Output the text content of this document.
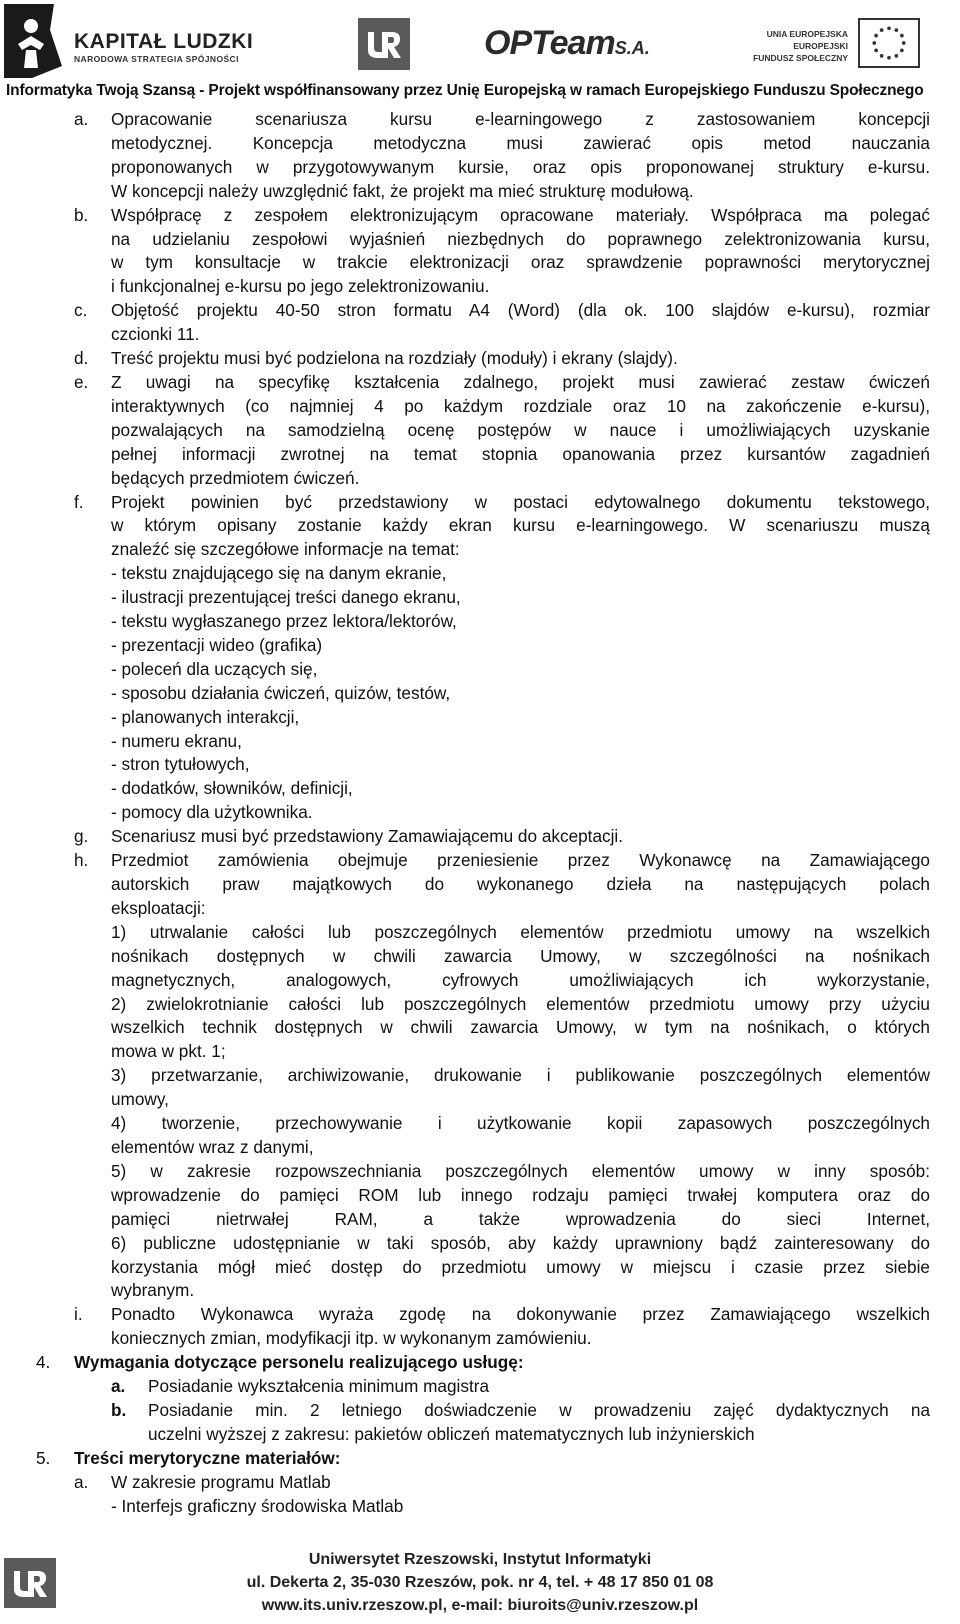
KAPITAŁ LUDZKI
NARODOWA STRATEGIA SPÓJNOŚCI	OPTeamS.A.
UNIA EUROPEJSKA
EUROPEJSKI
FUNDUSZ SPOŁECZNY
Informatyka Twoją Szansą - Projekt współfinansowany przez Unię Europejską w ramach Europejskiego Funduszu Społecznego
a. Opracowanie scenariusza kursu e-learningowego z zastosowaniem koncepcji
metodycznej. Koncepcja metodyczna musi zawierać opis metod nauczania
proponowanych w przygotowywanym kursie, oraz opis proponowanej struktury e-kursu.
W koncepcji należy uwzględnić fakt, że projekt ma mieć strukturę modułową.
b. Współpracę z zespołem elektronizującym opracowane materiały. Współpraca ma polegać
na udzielaniu zespołowi wyjaśnień niezbędnych do poprawnego zelektronizowania kursu,
w tym konsultacje w trakcie elektronizacji oraz sprawdzenie poprawności merytorycznej
i funkcjonalnej e-kursu po jego zelektronizowaniu.
c. Objętość projektu 40-50 stron formatu A4 (Word) (dla ok. 100 slajdów e-kursu), rozmiar
czcionki 11.
d. Treść projektu musi być podzielona na rozdziały (moduły) i ekrany (slajdy).
e. Z uwagi na specyfikę kształcenia zdalnego, projekt musi zawierać zestaw ćwiczeń
interaktywnych (co najmniej 4 po każdym rozdziale oraz 10 na zakończenie e-kursu),
pozwalających na samodzielną ocenę postępów w nauce i umożliwiających uzyskanie
pełnej informacji zwrotnej na temat stopnia opanowania przez kursantów zagadnień
będących przedmiotem ćwiczeń.
f. Projekt powinien być przedstawiony w postaci edytowalnego dokumentu tekstowego,
w którym opisany zostanie każdy ekran kursu e-learningowego. W scenariuszu muszą
znaleźć się szczegółowe informacje na temat:
- tekstu znajdującego się na danym ekranie,
- ilustracji prezentującej treści danego ekranu,
- tekstu wygłaszanego przez lektora/lektorów,
- prezentacji wideo (grafika)
- poleceń dla uczących się,
- sposobu działania ćwiczeń, quizów, testów,
- planowanych interakcji,
- numeru ekranu,
- stron tytułowych,
- dodatków, słowników, definicji,
- pomocy dla użytkownika.
g. Scenariusz musi być przedstawiony Zamawiającemu do akceptacji.
h. Przedmiot zamówienia obejmuje przeniesienie przez Wykonawcę na Zamawiającego
autorskich praw majątkowych do wykonanego dzieła na następujących polach
eksploatacji:
1) utrwalanie całości lub poszczególnych elementów przedmiotu umowy na wszelkich
nośnikach dostępnych w chwili zawarcia Umowy, w szczególności na nośnikach
magnetycznych, analogowych, cyfrowych umożliwiających ich wykorzystanie,
2) zwielokrotnianie całości lub poszczególnych elementów przedmiotu umowy przy użyciu
wszelkich technik dostępnych w chwili zawarcia Umowy, w tym na nośnikach, o których
mowa w pkt. 1;
3) przetwarzanie, archiwizowanie, drukowanie i publikowanie poszczególnych elementów
umowy,
4) tworzenie, przechowywanie i użytkowanie kopii zapasowych poszczególnych
elementów wraz z danymi,
5) w zakresie rozpowszechniania poszczególnych elementów umowy w inny sposób:
wprowadzenie do pamięci ROM lub innego rodzaju pamięci trwałej komputera oraz do
pamięci nietrwałej RAM, a także wprowadzenia do sieci Internet,
6) publiczne udostępnianie w taki sposób, aby każdy uprawniony bądź zainteresowany do
korzystania mógł mieć dostęp do przedmiotu umowy w miejscu i czasie przez siebie
wybranym.
i. Ponadto Wykonawca wyraża zgodę na dokonywanie przez Zamawiającego wszelkich
koniecznych zmian, modyfikacji itp. w wykonanym zamówieniu.
4. Wymagania dotyczące personelu realizującego usługę:
a. Posiadanie wykształcenia minimum magistra
b. Posiadanie min. 2 letniego doświadczenie w prowadzeniu zajęć dydaktycznych na
uczelni wyższej z zakresu: pakietów obliczeń matematycznych lub inżynierskich
5. Treści merytoryczne materiałów:
a. W zakresie programu Matlab
- Interfejs graficzny środowiska Matlab
Uniwersytet Rzeszowski, Instytut Informatyki
ul. Dekerta 2, 35-030 Rzeszów, pok. nr 4, tel. + 48 17 850 01 08
www.its.univ.rzeszow.pl, e-mail: biuroits@univ.rzeszow.pl
